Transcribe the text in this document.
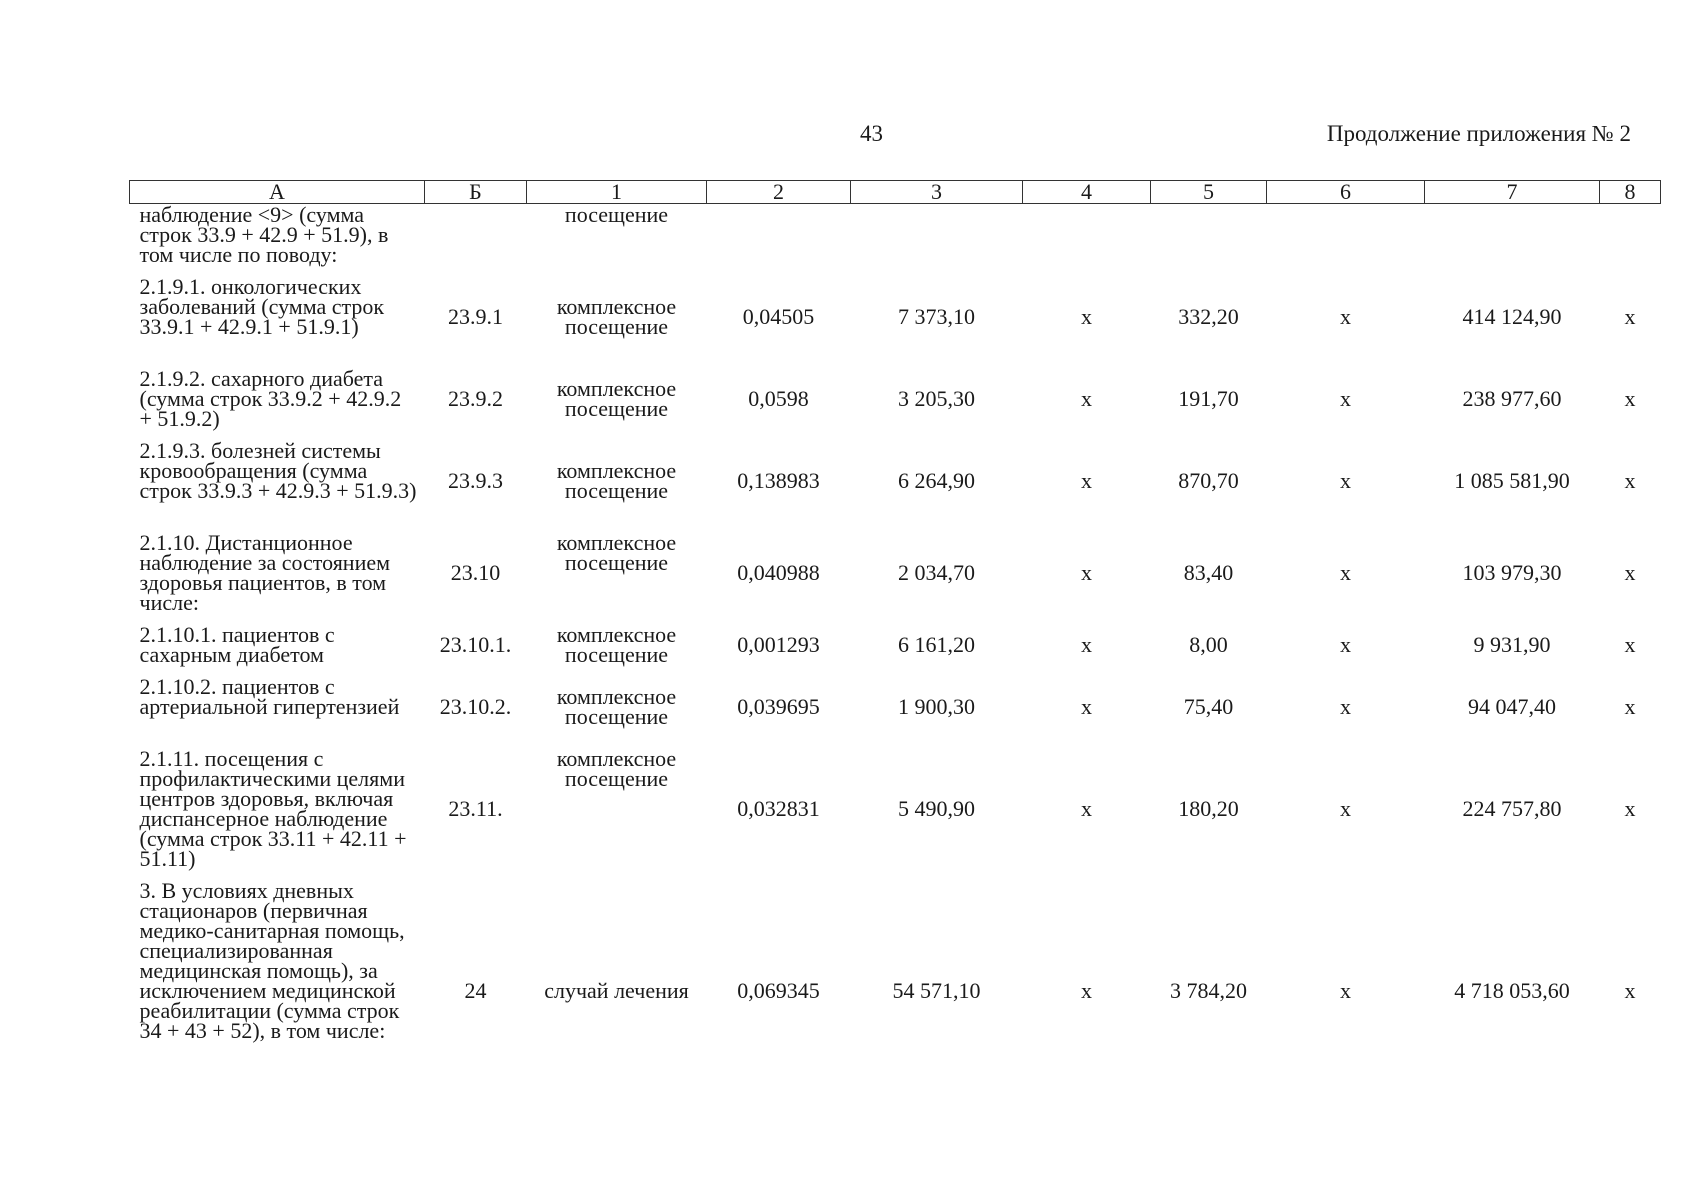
43	Продолжение приложения № 2
А	Б	1	2	3	4	5	6	7	8
наблюдение <9> (сумма строк 33.9 + 42.9 + 51.9), в том числе по поводу:		посещение							
2.1.9.1. онкологических заболеваний (сумма строк 33.9.1 + 42.9.1 + 51.9.1)	23.9.1	комплексное посещение	0,04505	7 373,10	х	332,20	х	414 124,90	х
2.1.9.2. сахарного диабета (сумма строк 33.9.2 + 42.9.2 + 51.9.2)	23.9.2	комплексное посещение	0,0598	3 205,30	х	191,70	х	238 977,60	х
2.1.9.3. болезней системы кровообращения (сумма строк 33.9.3 + 42.9.3 + 51.9.3)	23.9.3	комплексное посещение	0,138983	6 264,90	х	870,70	х	1 085 581,90	х
2.1.10. Дистанционное наблюдение за состоянием здоровья пациентов, в том числе:	23.10	комплексное посещение	0,040988	2 034,70	х	83,40	х	103 979,30	х
2.1.10.1. пациентов с сахарным диабетом	23.10.1.	комплексное посещение	0,001293	6 161,20	х	8,00	х	9 931,90	х
2.1.10.2. пациентов с артериальной гипертензией	23.10.2.	комплексное посещение	0,039695	1 900,30	х	75,40	х	94 047,40	х
2.1.11. посещения с профилактическими целями центров здоровья, включая диспансерное наблюдение (сумма строк 33.11 + 42.11 + 51.11)	23.11.	комплексное посещение	0,032831	5 490,90	х	180,20	х	224 757,80	х
3. В условиях дневных стационаров (первичная медико-санитарная помощь, специализированная медицинская помощь), за исключением медицинской реабилитации (сумма строк 34 + 43 + 52), в том числе:	24	случай лечения	0,069345	54 571,10	х	3 784,20	х	4 718 053,60	х
